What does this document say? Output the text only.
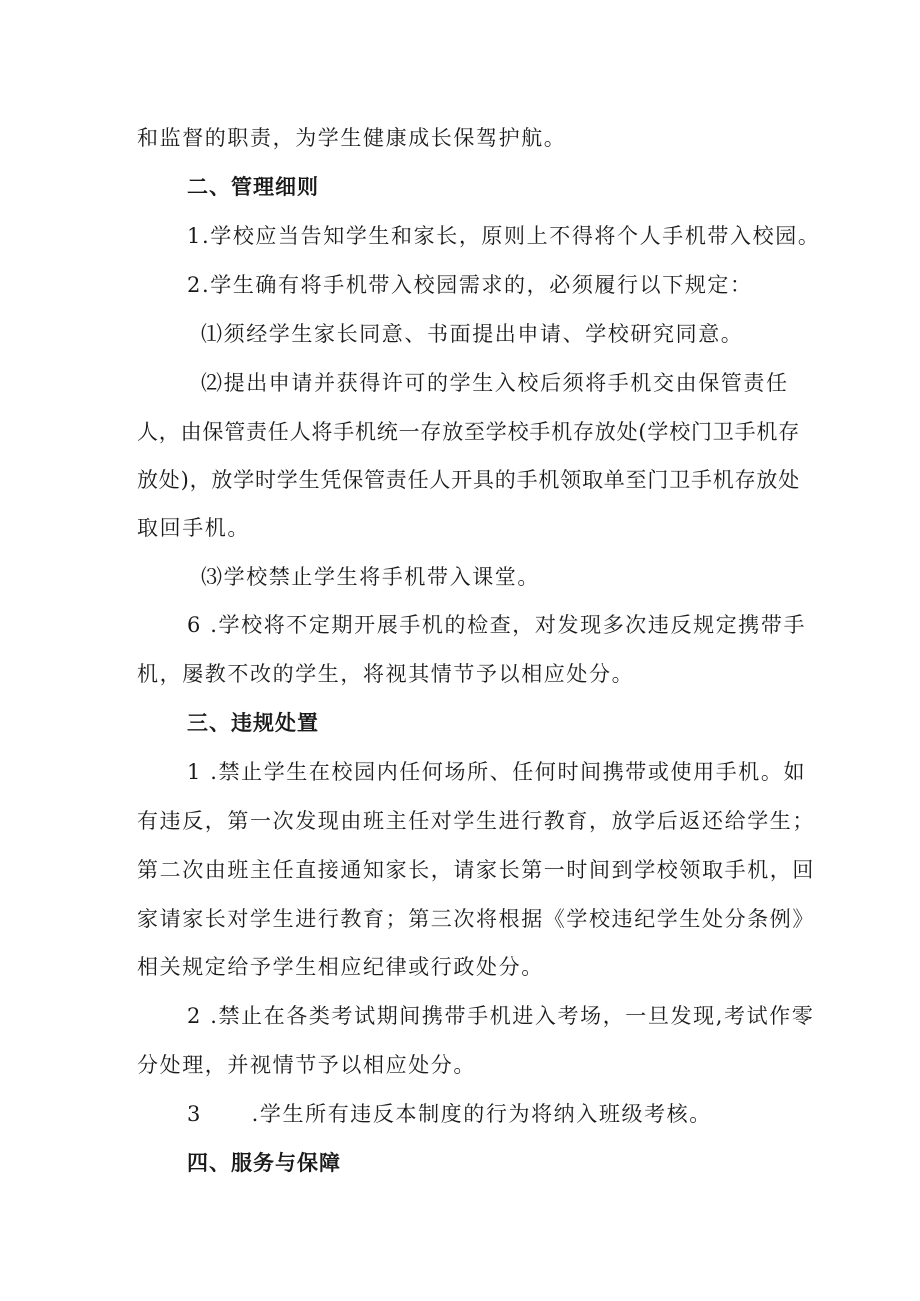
和监督的职责，为学生健康成长保驾护航。
二、管理细则
1.学校应当告知学生和家长，原则上不得将个人手机带入校园。
2.学生确有将手机带入校园需求的，必须履行以下规定：
⑴须经学生家长同意、书面提出申请、学校研究同意。
⑵提出申请并获得许可的学生入校后须将手机交由保管责任
人，由保管责任人将手机统一存放至学校手机存放处(学校门卫手机存
放处)，放学时学生凭保管责任人开具的手机领取单至门卫手机存放处
取回手机。
⑶学校禁止学生将手机带入课堂。
6 .学校将不定期开展手机的检查，对发现多次违反规定携带手
机，屡教不改的学生，将视其情节予以相应处分。
三、违规处置
1 .禁止学生在校园内任何场所、任何时间携带或使用手机。如
有违反，第一次发现由班主任对学生进行教育，放学后返还给学生；
第二次由班主任直接通知家长，请家长第一时间到学校领取手机，回
家请家长对学生进行教育；第三次将根据《学校违纪学生处分条例》
相关规定给予学生相应纪律或行政处分。
2 .禁止在各类考试期间携带手机进入考场，一旦发现,考试作零
分处理，并视情节予以相应处分。
3      .学生所有违反本制度的行为将纳入班级考核。
四、服务与保障
